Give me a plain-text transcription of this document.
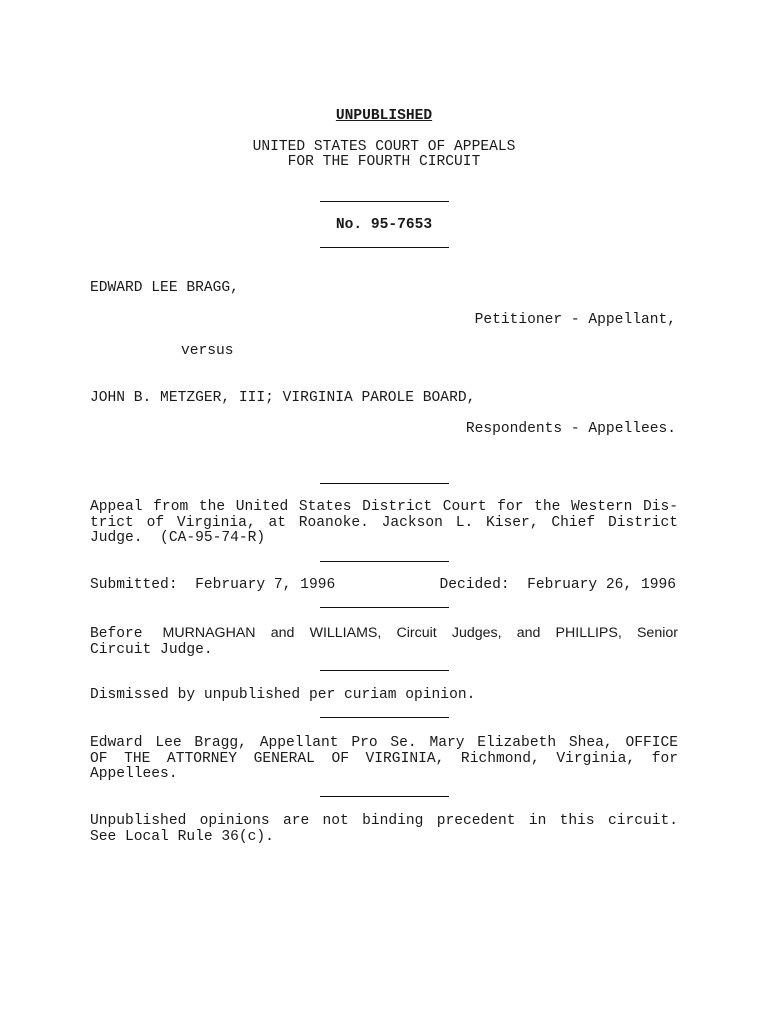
UNPUBLISHED
UNITED STATES COURT OF APPEALS
FOR THE FOURTH CIRCUIT
No. 95-7653
EDWARD LEE BRAGG,
Petitioner - Appellant,
versus
JOHN B. METZGER, III; VIRGINIA PAROLE BOARD,
Respondents - Appellees.
Appeal from the United States District Court for the Western Dis-
trict of Virginia, at Roanoke. Jackson L. Kiser, Chief District
Judge.  (CA-95-74-R)
Submitted:  February 7, 1996	Decided:  February 26, 1996
Before MURNAGHAN and WILLIAMS, Circuit Judges, and PHILLIPS, Senior
Circuit Judge.
Dismissed by unpublished per curiam opinion.
Edward Lee Bragg, Appellant Pro Se. Mary Elizabeth Shea, OFFICE
OF THE ATTORNEY GENERAL OF VIRGINIA, Richmond, Virginia, for
Appellees.
Unpublished opinions are not binding precedent in this circuit.
See Local Rule 36(c).
